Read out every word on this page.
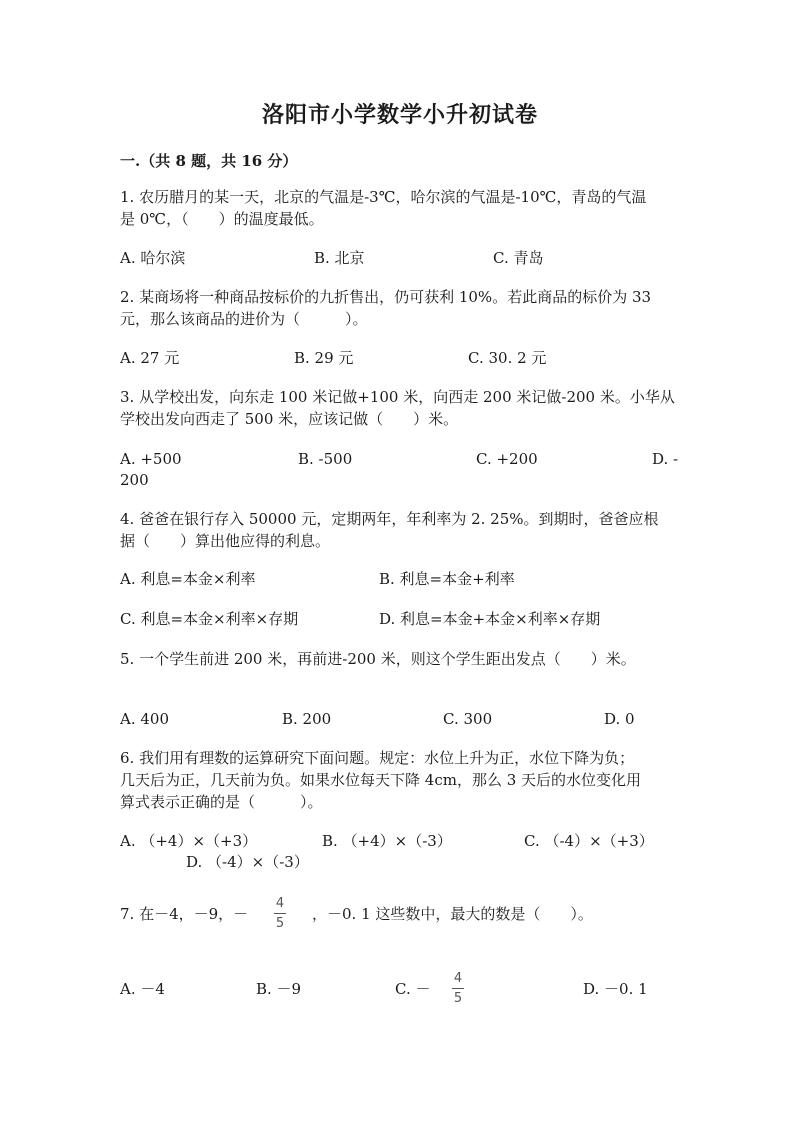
洛阳市小学数学小升初试卷
一.（共 8 题，共 16 分）
1. 农历腊月的某一天，北京的气温是-3℃，哈尔滨的气温是-10℃，青岛的气温
是 0℃，（　　）的温度最低。
A. 哈尔滨	B. 北京	C. 青岛
2. 某商场将一种商品按标价的九折售出，仍可获利 10%。若此商品的标价为 33
元，那么该商品的进价为（　　　）。
A. 27 元	B. 29 元	C. 30. 2 元
3. 从学校出发，向东走 100 米记做+100 米，向西走 200 米记做-200 米。小华从
学校出发向西走了 500 米，应该记做（　　）米。
A. +500	B. -500	C. +200	D. -
200
4. 爸爸在银行存入 50000 元，定期两年，年利率为 2. 25%。到期时，爸爸应根
据（　　）算出他应得的利息。
A. 利息=本金×利率	B. 利息=本金+利率
C. 利息=本金×利率×存期	D. 利息=本金+本金×利率×存期
5. 一个学生前进 200 米，再前进-200 米，则这个学生距出发点（　　）米。
A. 400	B. 200	C. 300	D. 0
6. 我们用有理数的运算研究下面问题。规定：水位上升为正，水位下降为负；
几天后为正，几天前为负。如果水位每天下降 4cm，那么 3 天后的水位变化用
算式表示正确的是（　　　）。
A. （+4）×（+3）	B. （+4）×（-3）	C. （-4）×（+3）
D. （-4）×（-3）
7. 在－4，－9，－
4
5
，－0. 1 这些数中，最大的数是（　　）。
A. －4	B. －9	C. －
4
5
D. －0. 1
